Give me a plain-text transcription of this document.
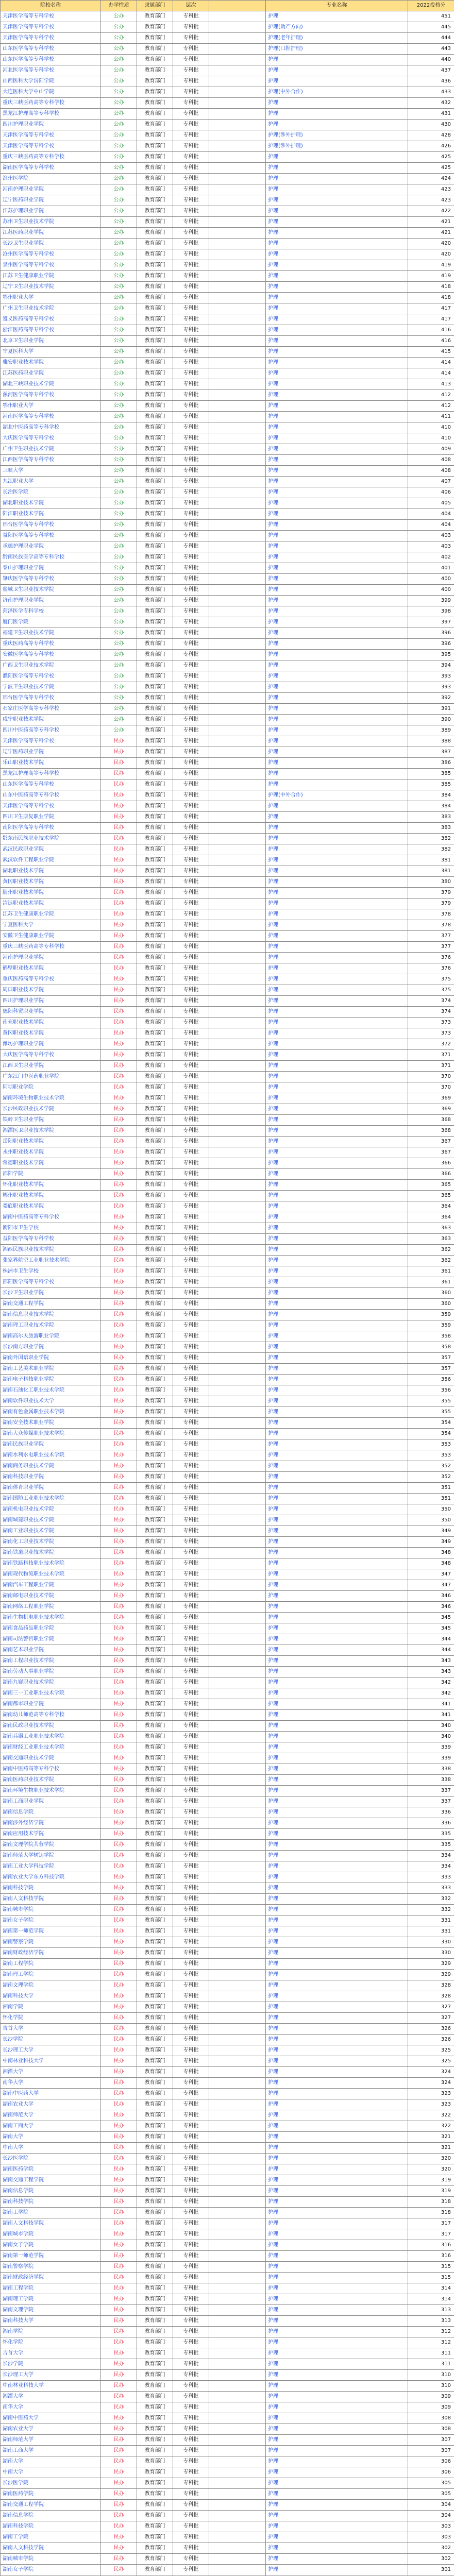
院校名称	办学性质	隶属部门	层次		专业名称	2022投档分
天津医学高等专科学校	公办	教育部门	专科批		护理	451
天津医学高等专科学校	公办	教育部门	专科批		护理(助产方向)	445
天津医学高等专科学校	公办	教育部门	专科批		护理(老年护理)	444
山东医学高等专科学校	公办	教育部门	专科批		护理(口腔护理)	443
山东医学高等专科学校	公办	教育部门	专科批		护理	440
河北医学高等专科学校	公办	教育部门	专科批		护理	437
山西医科大学汾阳学院	公办	教育部门	专科批		护理	436
大连医科大学中山学院	公办	教育部门	专科批		护理(中外合作)	433
重庆三峡医药高等专科学校	公办	教育部门	专科批		护理	432
黑龙江护理高等专科学校	公办	教育部门	专科批		护理	431
四川护理职业学院	公办	教育部门	专科批		护理	430
天津医学高等专科学校	公办	教育部门	专科批		护理(涉外护理)	428
天津医学高等专科学校	公办	教育部门	专科批		护理(涉外护理)	426
重庆三峡医药高等专科学校	公办	教育部门	专科批		护理	425
湖南医学高等专科学校	公办	教育部门	专科批		护理	425
滨州医学院	公办	教育部门	专科批		护理	424
河南护理职业学院	公办	教育部门	专科批		护理	423
辽宁医药职业学院	公办	教育部门	专科批		护理	423
江苏护理职业学院	公办	教育部门	专科批		护理	422
苏州卫生职业技术学院	公办	教育部门	专科批		护理	421
江苏医药职业学院	公办	教育部门	专科批		护理	421
长沙卫生职业学院	公办	教育部门	专科批		护理	420
沧州医学高等专科学校	公办	教育部门	专科批		护理	420
泉州医学高等专科学校	公办	教育部门	专科批		护理	419
江苏卫生健康职业学院	公办	教育部门	专科批		护理	419
辽宁卫生职业技术学院	公办	教育部门	专科批		护理	418
鄂州职业大学	公办	教育部门	专科批		护理	418
广州卫生职业技术学院	公办	教育部门	专科批		护理	417
遵义医药高等专科学校	公办	教育部门	专科批		护理	417
浙江医药高等专科学校	公办	教育部门	专科批		护理	416
北京卫生职业学院	公办	教育部门	专科批		护理	416
宁夏医科大学	公办	教育部门	专科批		护理	415
雅安职业技术学院	公办	教育部门	专科批		护理	414
江苏医药职业学院	公办	教育部门	专科批		护理	414
湖北三峡职业技术学院	公办	教育部门	专科批		护理	413
漯河医学高等专科学校	公办	教育部门	专科批		护理	412
鄂州职业大学	公办	教育部门	专科批		护理	412
河南医学高等专科学校	公办	教育部门	专科批		护理	411
湖北中医药高等专科学校	公办	教育部门	专科批		护理	410
大庆医学高等专科学校	公办	教育部门	专科批		护理	410
广州卫生职业技术学院	公办	教育部门	专科批		护理	409
江西医学高等专科学校	公办	教育部门	专科批		护理	408
三峡大学	公办	教育部门	专科批		护理	408
九江职业大学	公办	教育部门	专科批		护理	407
长治医学院	公办	教育部门	专科批		护理	406
湖北职业技术学院	公办	教育部门	专科批		护理	405
阳江职业技术学院	公办	教育部门	专科批		护理	404
邢台医学高等专科学校	公办	教育部门	专科批		护理	404
益阳医学高等专科学校	公办	教育部门	专科批		护理	403
承德护理职业学院	公办	教育部门	专科批		护理	403
黔南民族医学高等专科学校	公办	教育部门	专科批		护理	402
泰山护理职业学院	公办	教育部门	专科批		护理	401
肇庆医学高等专科学校	公办	教育部门	专科批		护理	400
盐城卫生职业技术学院	公办	教育部门	专科批		护理	400
济南护理职业学院	公办	教育部门	专科批		护理	399
菏泽医学专科学校	公办	教育部门	专科批		护理	398
厦门医学院	公办	教育部门	专科批		护理	397
福建卫生职业技术学院	公办	教育部门	专科批		护理	396
重庆医药高等专科学校	公办	教育部门	专科批		护理	396
安徽医学高等专科学校	公办	教育部门	专科批		护理	395
广西卫生职业技术学院	公办	教育部门	专科批		护理	394
濮阳医学高等专科学校	公办	教育部门	专科批		护理	393
宁波卫生职业技术学院	公办	教育部门	专科批		护理	393
邢台医学高等专科学校	公办	教育部门	专科批		护理	392
石家庄医学高等专科学校	公办	教育部门	专科批		护理	391
咸宁职业技术学院	公办	教育部门	专科批		护理	390
四川中医药高等专科学校	公办	教育部门	专科批		护理	389
天津医学高等专科学校	民办	教育部门	专科批		护理	388
辽宁医药职业学院	民办	教育部门	专科批		护理	387
乐山职业技术学院	民办	教育部门	专科批		护理	386
黑龙江护理高等专科学校	民办	教育部门	专科批		护理	385
山东医学高等专科学校	民办	教育部门	专科批		护理	385
山东中医药高等专科学校	民办	教育部门	专科批		护理(中外合作)	384
天津医学高等专科学校	民办	教育部门	专科批		护理	384
四川卫生康复职业学院	民办	教育部门	专科批		护理	383
南阳医学高等专科学校	民办	教育部门	专科批		护理	383
黔东南民族职业技术学院	民办	教育部门	专科批		护理	382
武汉民政职业学院	民办	教育部门	专科批		护理	382
武汉软件工程职业学院	民办	教育部门	专科批		护理	381
湖北职业技术学院	民办	教育部门	专科批		护理	381
黄冈职业技术学院	民办	教育部门	专科批		护理	380
随州职业技术学院	民办	教育部门	专科批		护理	379
清远职业技术学院	民办	教育部门	专科批		护理	379
江苏卫生健康职业学院	民办	教育部门	专科批		护理	378
宁夏医科大学	民办	教育部门	专科批		护理	378
安徽卫生健康职业学院	民办	教育部门	专科批		护理	377
重庆三峡医药高等专科学校	民办	教育部门	专科批		护理	377
河南护理职业学院	民办	教育部门	专科批		护理	376
鹤壁职业技术学院	民办	教育部门	专科批		护理	376
重庆医药高等专科学校	民办	教育部门	专科批		护理	375
周口职业技术学院	民办	教育部门	专科批		护理	375
四川护理职业学院	民办	教育部门	专科批		护理	374
德阳科贸职业学院	民办	教育部门	专科批		护理	374
南充职业技术学院	民办	教育部门	专科批		护理	373
黄冈职业技术学院	民办	教育部门	专科批		护理	373
潍坊护理职业学院	民办	教育部门	专科批		护理	372
大庆医学高等专科学校	民办	教育部门	专科批		护理	371
江西卫生职业学院	民办	教育部门	专科批		护理	371
广东江门中医药职业学院	民办	教育部门	专科批		护理	370
阿坝职业学院	民办	教育部门	专科批		护理	370
湖南环境生物职业技术学院	民办	教育部门	专科批		护理	369
长沙民政职业技术学院	民办	教育部门	专科批		护理	369
铁岭卫生职业学院	民办	教育部门	专科批		护理	368
湘潭医卫职业技术学院	民办	教育部门	专科批		护理	368
岳阳职业技术学院	民办	教育部门	专科批		护理	367
永州职业技术学院	民办	教育部门	专科批		护理	367
常德职业技术学院	民办	教育部门	专科批		护理	366
邵阳学院	民办	教育部门	专科批		护理	366
怀化职业技术学院	民办	教育部门	专科批		护理	365
郴州职业技术学院	民办	教育部门	专科批		护理	365
娄底职业技术学院	民办	教育部门	专科批		护理	364
湖南中医药高等专科学校	民办	教育部门	专科批		护理	364
衡阳市卫生学校	民办	教育部门	专科批		护理	363
益阳医学高等专科学校	民办	教育部门	专科批		护理	363
湘西民族职业技术学院	民办	教育部门	专科批		护理	362
张家界航空工业职业技术学院	民办	教育部门	专科批		护理	362
株洲市卫生学校	民办	教育部门	专科批		护理	361
邵阳医学高等专科学校	民办	教育部门	专科批		护理	361
长沙卫生职业学院	民办	教育部门	专科批		护理	360
湖南交通工程学院	民办	教育部门	专科批		护理	360
湖南信息职业技术学院	民办	教育部门	专科批		护理	359
湖南理工职业技术学院	民办	教育部门	专科批		护理	359
湖南高尔夫旅游职业学院	民办	教育部门	专科批		护理	358
长沙南方职业学院	民办	教育部门	专科批		护理	358
湖南外国语职业学院	民办	教育部门	专科批		护理	357
湖南工艺美术职业学院	民办	教育部门	专科批		护理	357
湖南电子科技职业学院	民办	教育部门	专科批		护理	356
湖南石油化工职业技术学院	民办	教育部门	专科批		护理	356
湖南软件职业技术大学	民办	教育部门	专科批		护理	355
湖南有色金属职业技术学院	民办	教育部门	专科批		护理	355
湖南安全技术职业学院	民办	教育部门	专科批		护理	354
湖南大众传媒职业技术学院	民办	教育部门	专科批		护理	354
湖南民族职业学院	民办	教育部门	专科批		护理	353
湖南水利水电职业技术学院	民办	教育部门	专科批		护理	353
湖南商务职业技术学院	民办	教育部门	专科批		护理	352
湖南科技职业学院	民办	教育部门	专科批		护理	352
湖南体育职业学院	民办	教育部门	专科批		护理	351
湖南国防工业职业技术学院	民办	教育部门	专科批		护理	351
湖南机电职业技术学院	民办	教育部门	专科批		护理	350
湖南城建职业技术学院	民办	教育部门	专科批		护理	350
湖南工业职业技术学院	民办	教育部门	专科批		护理	349
湖南化工职业技术学院	民办	教育部门	专科批		护理	349
湖南铁道职业技术学院	民办	教育部门	专科批		护理	348
湖南铁路科技职业技术学院	民办	教育部门	专科批		护理	348
湖南现代物流职业技术学院	民办	教育部门	专科批		护理	347
湖南汽车工程职业学院	民办	教育部门	专科批		护理	347
湖南邮电职业技术学院	民办	教育部门	专科批		护理	346
湖南网络工程职业学院	民办	教育部门	专科批		护理	346
湖南生物机电职业技术学院	民办	教育部门	专科批		护理	345
湖南食品药品职业学院	民办	教育部门	专科批		护理	345
湖南司法警官职业学院	民办	教育部门	专科批		护理	344
湖南艺术职业学院	民办	教育部门	专科批		护理	344
湖南工程职业技术学院	民办	教育部门	专科批		护理	343
湖南劳动人事职业学院	民办	教育部门	专科批		护理	343
湖南九嶷职业技术学院	民办	教育部门	专科批		护理	342
湖南三一工业职业技术学院	民办	教育部门	专科批		护理	342
湖南都市职业学院	民办	教育部门	专科批		护理	341
湖南幼儿师范高等专科学校	民办	教育部门	专科批		护理	341
湖南民政职业技术学院	民办	教育部门	专科批		护理	340
湖南兵器工业职业技术学院	民办	教育部门	专科批		护理	340
湖南财经工业职业技术学院	民办	教育部门	专科批		护理	339
湖南交通职业技术学院	民办	教育部门	专科批		护理	339
湖南中医药高等专科学校	民办	教育部门	专科批		护理	338
湖南医药职业技术学院	民办	教育部门	专科批		护理	338
湖南环境生物职业技术学院	民办	教育部门	专科批		护理	337
湖南工商职业学院	民办	教育部门	专科批		护理	337
湖南信息学院	民办	教育部门	专科批		护理	336
湖南涉外经济学院	民办	教育部门	专科批		护理	336
湖南应用技术学院	民办	教育部门	专科批		护理	335
湖南文理学院芙蓉学院	民办	教育部门	专科批		护理	335
湖南师范大学树达学院	民办	教育部门	专科批		护理	334
湖南工业大学科技学院	民办	教育部门	专科批		护理	334
湖南农业大学东方科技学院	民办	教育部门	专科批		护理	333
湖南科技学院	民办	教育部门	专科批		护理	333
湖南人文科技学院	民办	教育部门	专科批		护理	332
湖南城市学院	民办	教育部门	专科批		护理	332
湖南女子学院	民办	教育部门	专科批		护理	331
湖南第一师范学院	民办	教育部门	专科批		护理	331
湖南警察学院	民办	教育部门	专科批		护理	330
湖南财政经济学院	民办	教育部门	专科批		护理	330
湖南工程学院	民办	教育部门	专科批		护理	329
湖南理工学院	民办	教育部门	专科批		护理	329
湖南文理学院	民办	教育部门	专科批		护理	328
湖南科技大学	民办	教育部门	专科批		护理	328
湘南学院	民办	教育部门	专科批		护理	327
怀化学院	民办	教育部门	专科批		护理	327
吉首大学	民办	教育部门	专科批		护理	326
长沙学院	民办	教育部门	专科批		护理	326
长沙理工大学	民办	教育部门	专科批		护理	325
中南林业科技大学	民办	教育部门	专科批		护理	325
湘潭大学	民办	教育部门	专科批		护理	324
南华大学	民办	教育部门	专科批		护理	324
湖南中医药大学	民办	教育部门	专科批		护理	323
湖南农业大学	民办	教育部门	专科批		护理	323
湖南师范大学	民办	教育部门	专科批		护理	322
湖南工商大学	民办	教育部门	专科批		护理	322
湖南大学	民办	教育部门	专科批		护理	321
中南大学	民办	教育部门	专科批		护理	321
长沙医学院	民办	教育部门	专科批		护理	320
湖南医药学院	民办	教育部门	专科批		护理	320
湖南交通工程学院	民办	教育部门	专科批		护理	319
湖南信息学院	民办	教育部门	专科批		护理	319
湖南科技学院	民办	教育部门	专科批		护理	318
湖南工学院	民办	教育部门	专科批		护理	318
湖南人文科技学院	民办	教育部门	专科批		护理	317
湖南城市学院	民办	教育部门	专科批		护理	317
湖南女子学院	民办	教育部门	专科批		护理	316
湖南第一师范学院	民办	教育部门	专科批		护理	316
湖南警察学院	民办	教育部门	专科批		护理	315
湖南财政经济学院	民办	教育部门	专科批		护理	315
湖南工程学院	民办	教育部门	专科批		护理	314
湖南理工学院	民办	教育部门	专科批		护理	314
湖南文理学院	民办	教育部门	专科批		护理	313
湖南科技大学	民办	教育部门	专科批		护理	313
湘南学院	民办	教育部门	专科批		护理	312
怀化学院	民办	教育部门	专科批		护理	312
吉首大学	民办	教育部门	专科批		护理	311
长沙学院	民办	教育部门	专科批		护理	311
长沙理工大学	民办	教育部门	专科批		护理	310
中南林业科技大学	民办	教育部门	专科批		护理	310
湘潭大学	民办	教育部门	专科批		护理	309
南华大学	民办	教育部门	专科批		护理	309
湖南中医药大学	民办	教育部门	专科批		护理	308
湖南农业大学	民办	教育部门	专科批		护理	308
湖南师范大学	民办	教育部门	专科批		护理	307
湖南工商大学	民办	教育部门	专科批		护理	307
湖南大学	民办	教育部门	专科批		护理	306
中南大学	民办	教育部门	专科批		护理	306
长沙医学院	民办	教育部门	专科批		护理	305
湖南医药学院	民办	教育部门	专科批		护理	305
湖南交通工程学院	民办	教育部门	专科批		护理	304
湖南信息学院	民办	教育部门	专科批		护理	304
湖南科技学院	民办	教育部门	专科批		护理	303
湖南工学院	民办	教育部门	专科批		护理	303
湖南人文科技学院	民办	教育部门	专科批		护理	302
湖南城市学院	民办	教育部门	专科批		护理	302
湖南女子学院	民办	教育部门	专科批		护理	301
